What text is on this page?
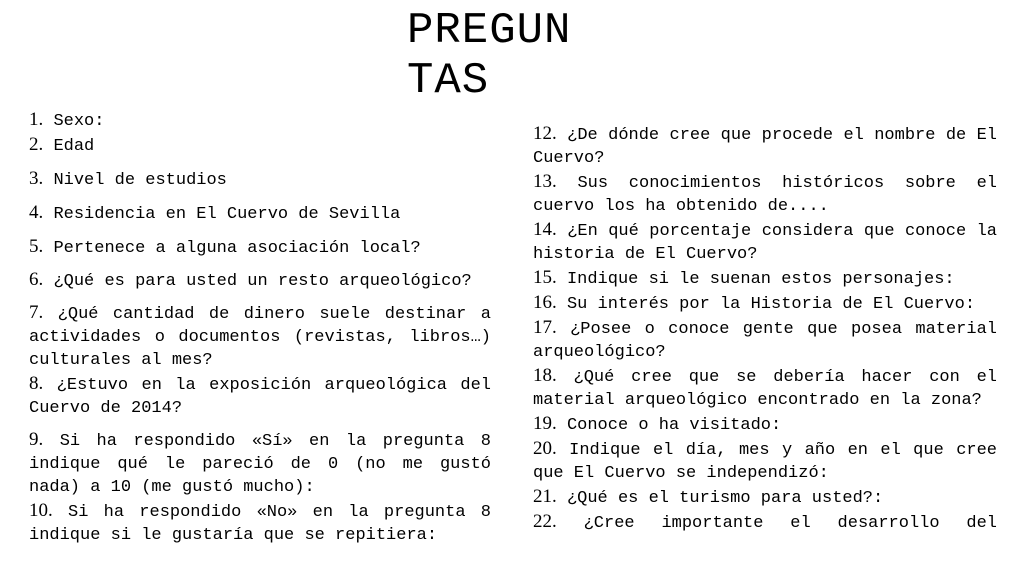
PREGUN
TAS

1. Sexo:

2. Edad

3. Nivel de estudios

4. Residencia en El Cuervo de Sevilla

5. Pertenece a alguna asociación local?

6. ¿Qué es para usted un resto arqueológico?

7. ¿Qué cantidad de dinero suele destinar a actividades o documentos (revistas, libros…) culturales al mes?

8. ¿Estuvo en la exposición arqueológica del Cuervo de 2014?

9. Si ha respondido «Sí» en la pregunta 8 indique qué le pareció de 0 (no me gustó nada) a 10 (me gustó mucho):

10. Si ha respondido «No» en la pregunta 8 indique si le gustaría que se repitiera:

12. ¿De dónde cree que procede el nombre de El Cuervo?

13. Sus conocimientos históricos sobre el cuervo los ha obtenido de....

14. ¿En qué porcentaje considera que conoce la historia de El Cuervo?

15. Indique si le suenan estos personajes:

16. Su interés por la Historia de El Cuervo:

17. ¿Posee o conoce gente que posea material arqueológico?

18. ¿Qué cree que se debería hacer con el material arqueológico encontrado en la zona?

19. Conoce o ha visitado:

20. Indique el día, mes y año en el que cree que El Cuervo se independizó:

21. ¿Qué es el turismo para usted?:

22. ¿Cree importante el desarrollo del
